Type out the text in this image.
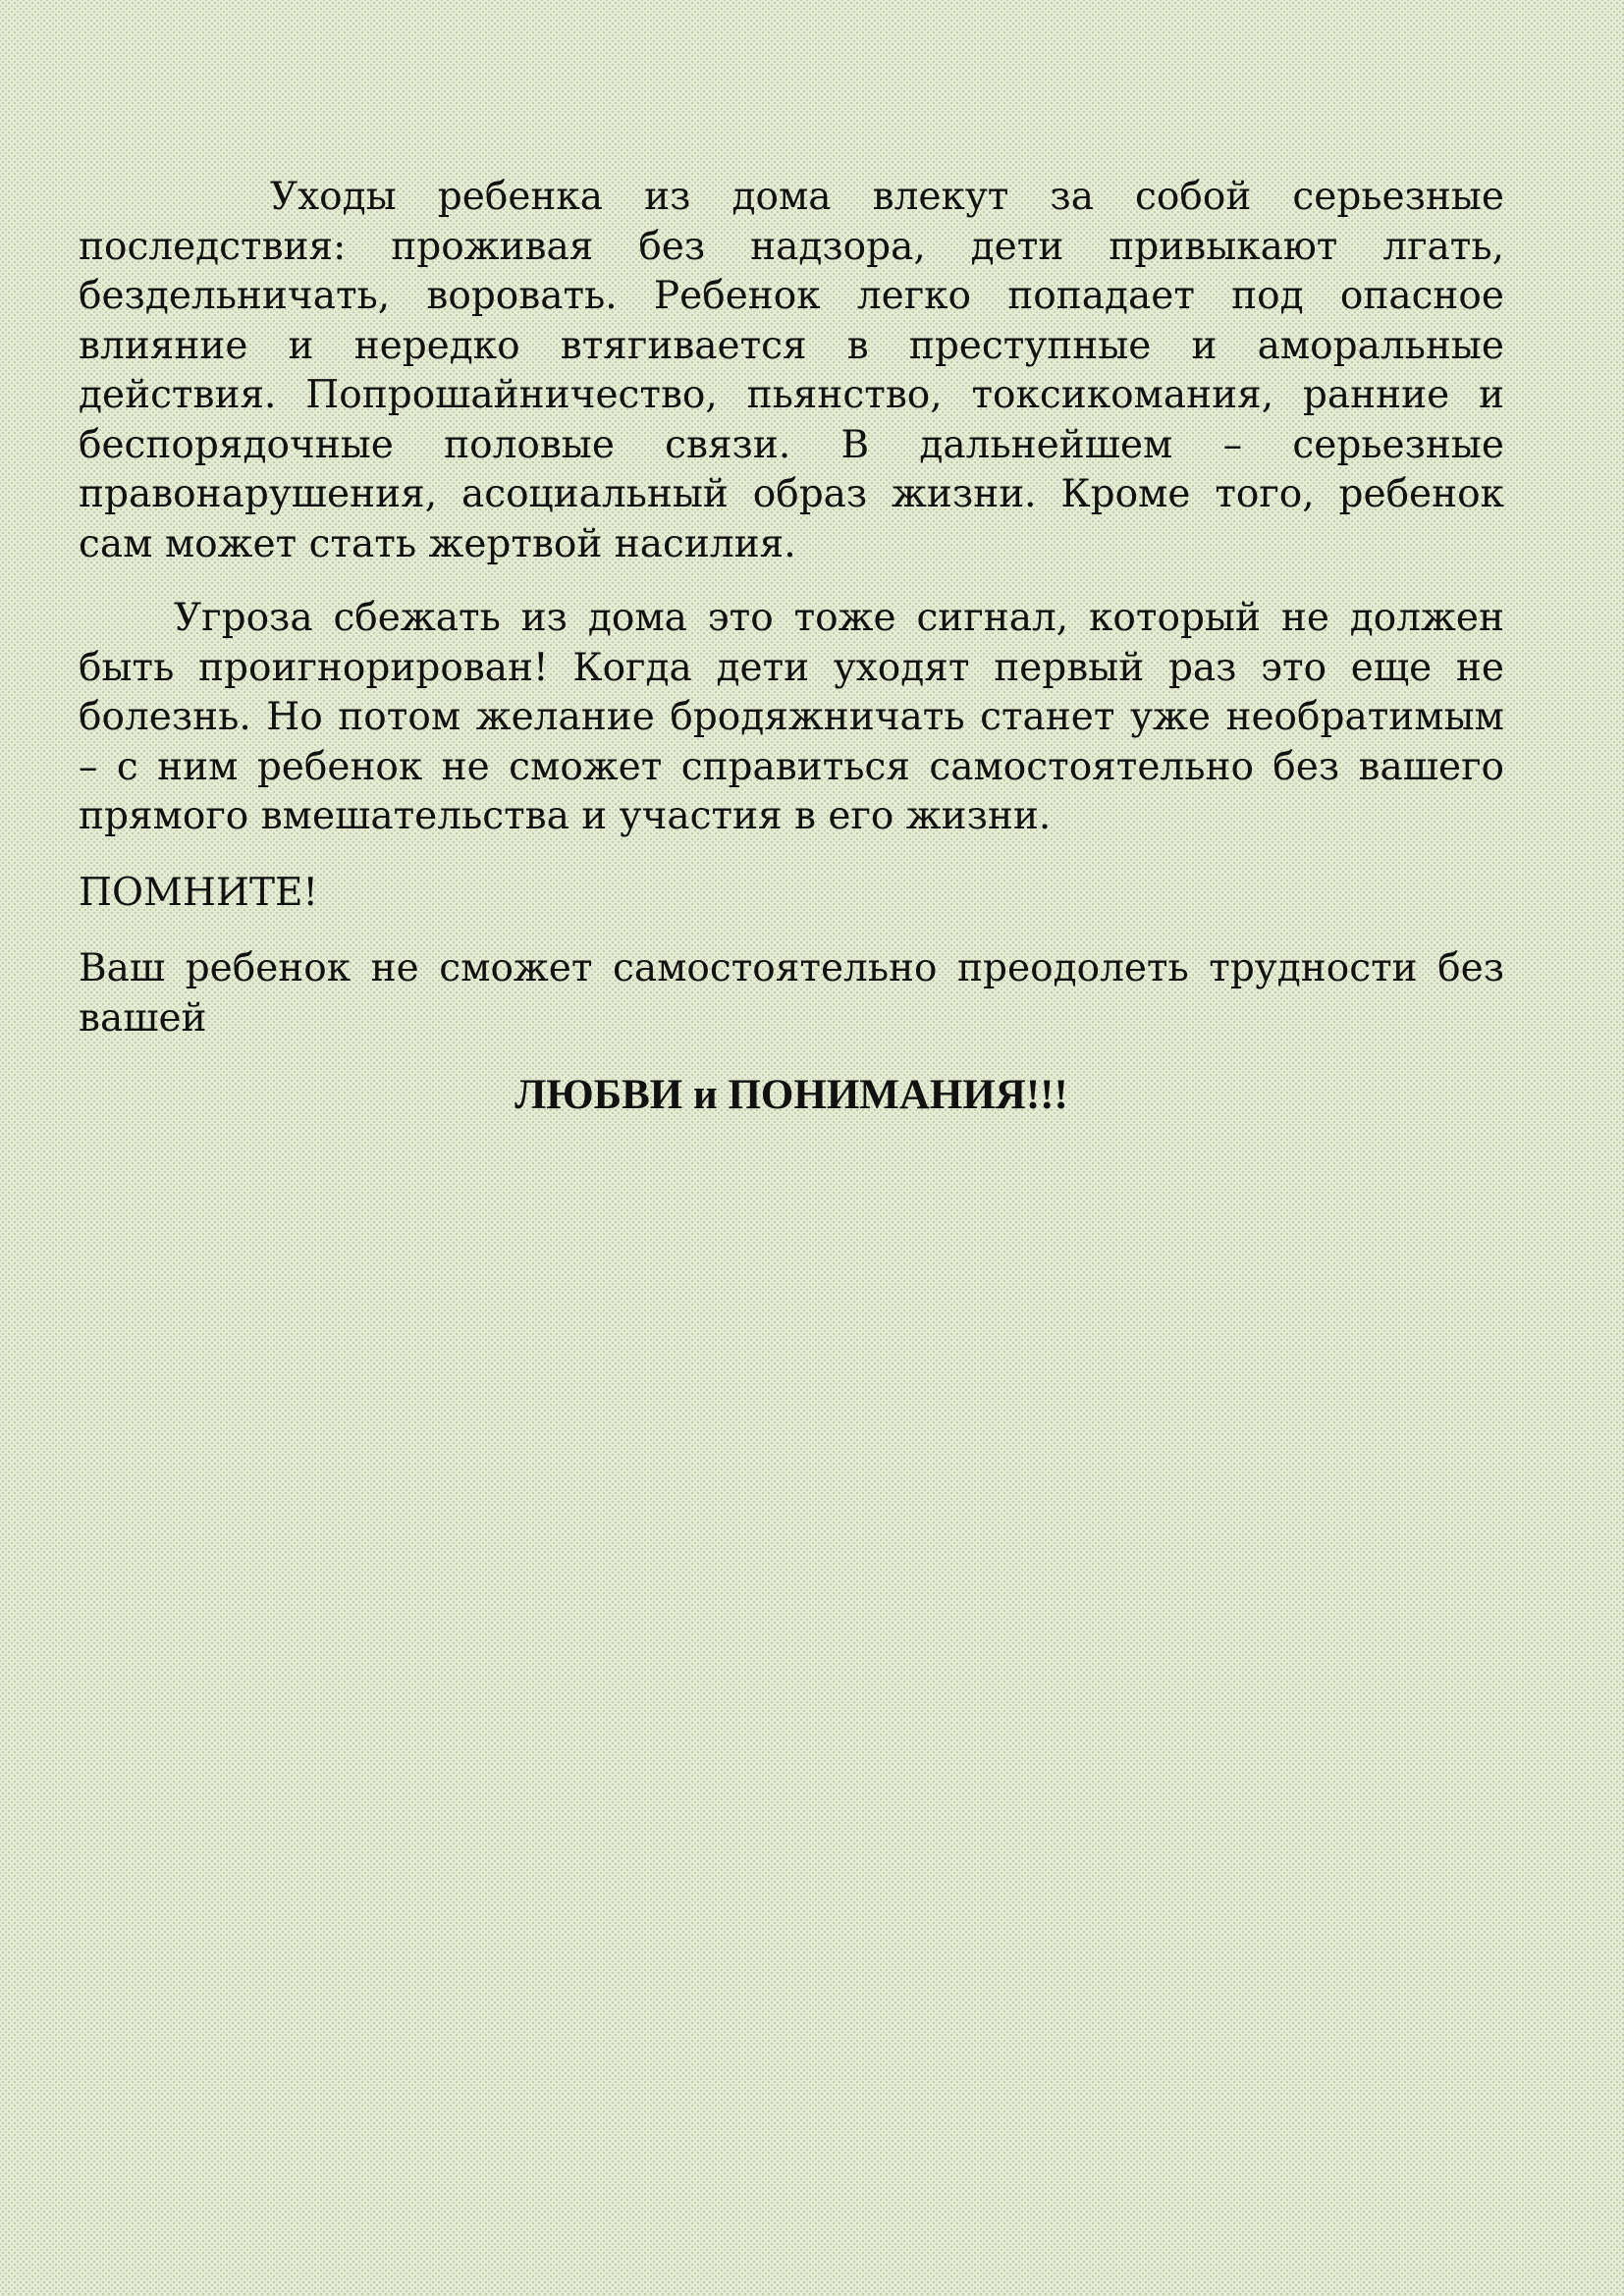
Уходы ребенка из дома влекут за собой серьезные последствия: проживая без надзора, дети привыкают лгать, бездельничать, воровать. Ребенок легко попадает под опасное влияние и нередко втягивается в преступные и аморальные действия. Попрошайничество, пьянство, токсикомания, ранние и беспорядочные половые связи. В дальнейшем – серьезные правонарушения, асоциальный образ жизни. Кроме того, ребенок сам может стать жертвой насилия.

Угроза сбежать из дома это тоже сигнал, который не должен быть проигнорирован! Когда дети уходят первый раз это еще не болезнь. Но потом желание бродяжничать станет уже необратимым – с ним ребенок не сможет справиться самостоятельно без вашего прямого вмешательства и участия в его жизни.

ПОМНИТЕ!

Ваш ребенок не сможет самостоятельно преодолеть трудности без вашей

ЛЮБВИ и ПОНИМАНИЯ!!!
